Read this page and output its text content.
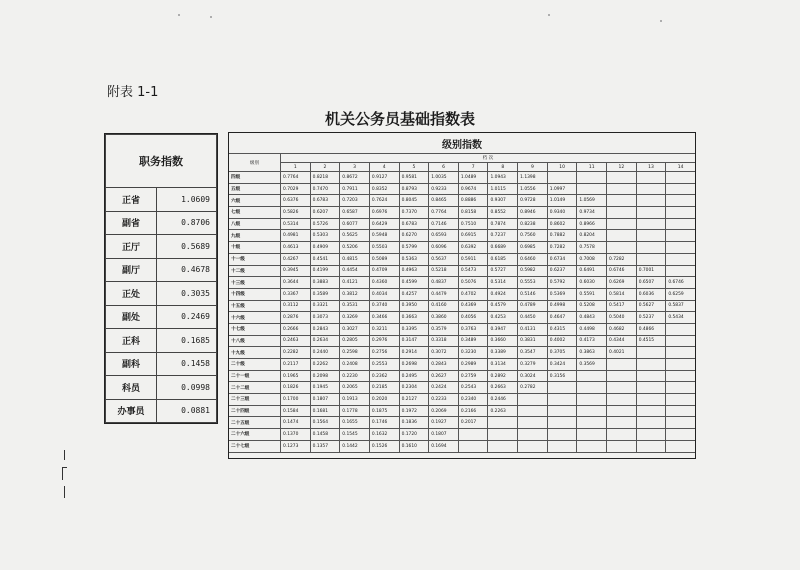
附表 1-1
机关公务员基础指数表
职务指数	
正省	1.0609
副省	0.8706
正厅	0.5689
副厅	0.4678
正处	0.3035
副处	0.2469
正科	0.1685
副科	0.1458
科员	0.0998
办事员	0.0881
级别指数														
级别	档 次													
	1	2	3	4	5	6	7	8	9	10	11	12	13	14
四级	0.7764	0.8218	0.8672	0.9127	0.9581	1.0035	1.0489	1.0943	1.1398					
五级	0.7029	0.7470	0.7911	0.8352	0.8793	0.9233	0.9674	1.0115	1.0556	1.0997				
六级	0.6376	0.6783	0.7203	0.7624	0.8045	0.8465	0.8886	0.9307	0.9728	1.0149	1.0569			
七级	0.5826	0.6207	0.6587	0.6976	0.7370	0.7764	0.8158	0.8552	0.8946	0.9340	0.9734			
八级	0.5314	0.5726	0.6077	0.6429	0.6783	0.7146	0.7510	0.7874	0.8238	0.8602	0.8966			
九级	0.4981	0.5303	0.5625	0.5948	0.6270	0.6593	0.6915	0.7237	0.7560	0.7882	0.8204			
十级	0.4613	0.4909	0.5206	0.5503	0.5799	0.6096	0.6392	0.6689	0.6985	0.7282	0.7578			
十一级	0.4267	0.4541	0.4815	0.5089	0.5363	0.5637	0.5911	0.6185	0.6460	0.6734	0.7008	0.7282		
十二级	0.3945	0.4199	0.4454	0.4709	0.4963	0.5218	0.5473	0.5727	0.5982	0.6237	0.6491	0.6746	0.7001	
十三级	0.3644	0.3883	0.4121	0.4360	0.4599	0.4837	0.5076	0.5314	0.5553	0.5792	0.6030	0.6269	0.6507	0.6746
十四级	0.3367	0.3589	0.3812	0.4034	0.4257	0.4479	0.4702	0.4924	0.5146	0.5369	0.5591	0.5814	0.6036	0.6259
十五级	0.3112	0.3321	0.3531	0.3740	0.3950	0.4160	0.4369	0.4579	0.4789	0.4998	0.5208	0.5417	0.5627	0.5837
十六级	0.2876	0.3073	0.3269	0.3466	0.3663	0.3860	0.4056	0.4253	0.4450	0.4647	0.4843	0.5040	0.5237	0.5434
十七级	0.2666	0.2843	0.3027	0.3211	0.3395	0.3579	0.3763	0.3947	0.4131	0.4315	0.4498	0.4682	0.4866	
十八级	0.2463	0.2634	0.2805	0.2976	0.3147	0.3318	0.3489	0.3660	0.3831	0.4002	0.4173	0.4344	0.4515	
十九级	0.2282	0.2440	0.2598	0.2756	0.2914	0.3072	0.3230	0.3389	0.3547	0.3705	0.3863	0.4021		
二十级	0.2117	0.2262	0.2408	0.2553	0.2698	0.2843	0.2989	0.3134	0.3279	0.3424	0.3569			
二十一级	0.1965	0.2098	0.2230	0.2362	0.2495	0.2627	0.2759	0.2892	0.3024	0.3156				
二十二级	0.1826	0.1945	0.2065	0.2185	0.2304	0.2424	0.2543	0.2663	0.2782					
二十三级	0.1700	0.1807	0.1913	0.2020	0.2127	0.2233	0.2340	0.2446						
二十四级	0.1584	0.1681	0.1778	0.1875	0.1972	0.2069	0.2166	0.2263						
二十五级	0.1474	0.1564	0.1655	0.1746	0.1836	0.1927	0.2017							
二十六级	0.1370	0.1458	0.1545	0.1632	0.1720	0.1807								
二十七级	0.1273	0.1357	0.1442	0.1526	0.1610	0.1694								
